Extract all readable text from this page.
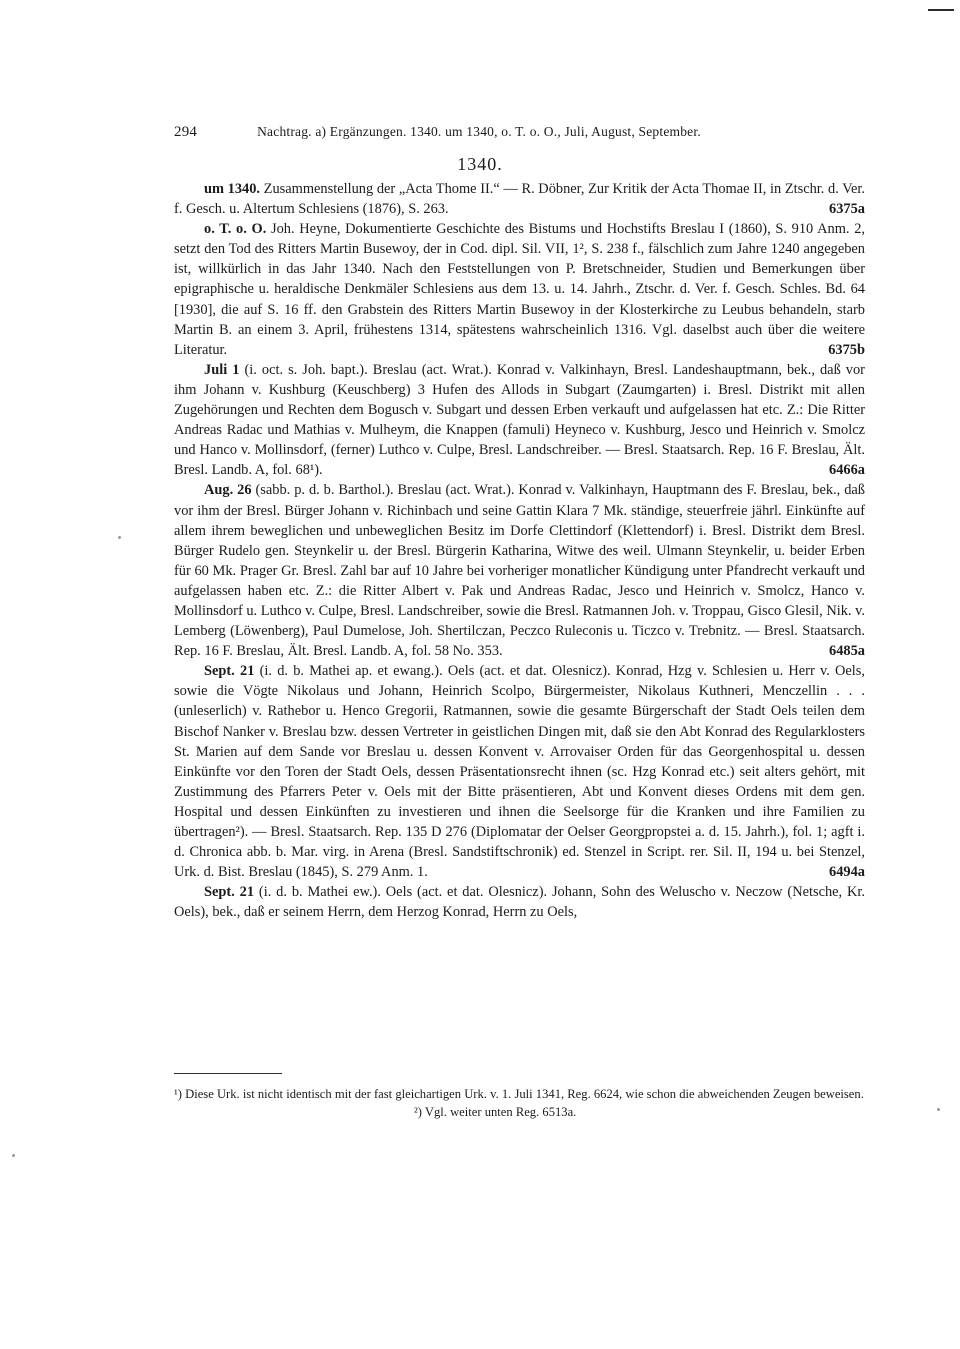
294	Nachtrag. a) Ergänzungen. 1340. um 1340, o. T. o. O., Juli, August, September.
1340.

um 1340. Zusammenstellung der „Acta Thome II.“ — R. Döbner, Zur Kritik der Acta Thomae II, in Ztschr. d. Ver. f. Gesch. u. Altertum Schlesiens (1876), S. 263.	6375a

o. T. o. O. Joh. Heyne, Dokumentierte Geschichte des Bistums und Hochstifts Breslau I (1860), S. 910 Anm. 2, setzt den Tod des Ritters Martin Busewoy, der in Cod. dipl. Sil. VII, 1², S. 238 f., fälschlich zum Jahre 1240 angegeben ist, willkürlich in das Jahr 1340. Nach den Feststellungen von P. Bretschneider, Studien und Bemerkungen über epigraphische u. heraldische Denkmäler Schlesiens aus dem 13. u. 14. Jahrh., Ztschr. d. Ver. f. Gesch. Schles. Bd. 64 [1930], die auf S. 16 ff. den Grabstein des Ritters Martin Busewoy in der Klosterkirche zu Leubus behandeln, starb Martin B. an einem 3. April, frühestens 1314, spätestens wahrscheinlich 1316. Vgl. daselbst auch über die weitere Literatur.	6375b

Juli 1 (i. oct. s. Joh. bapt.). Breslau (act. Wrat.). Konrad v. Valkinhayn, Bresl. Landeshauptmann, bek., daß vor ihm Johann v. Kushburg (Keuschberg) 3 Hufen des Allods in Subgart (Zaumgarten) i. Bresl. Distrikt mit allen Zugehörungen und Rechten dem Bogusch v. Subgart und dessen Erben verkauft und aufgelassen hat etc. Z.: Die Ritter Andreas Radac und Mathias v. Mulheym, die Knappen (famuli) Heyneco v. Kushburg, Jesco und Heinrich v. Smolcz und Hanco v. Mollinsdorf, (ferner) Luthco v. Culpe, Bresl. Landschreiber. — Bresl. Staatsarch. Rep. 16 F. Breslau, Ält. Bresl. Landb. A, fol. 68¹).	6466a

Aug. 26 (sabb. p. d. b. Barthol.). Breslau (act. Wrat.). Konrad v. Valkinhayn, Hauptmann des F. Breslau, bek., daß vor ihm der Bresl. Bürger Johann v. Richinbach und seine Gattin Klara 7 Mk. ständige, steuerfreie jährl. Einkünfte auf allem ihrem beweglichen und unbeweglichen Besitz im Dorfe Clettindorf (Klettendorf) i. Bresl. Distrikt dem Bresl. Bürger Rudelo gen. Steynkelir u. der Bresl. Bürgerin Katharina, Witwe des weil. Ulmann Steynkelir, u. beider Erben für 60 Mk. Prager Gr. Bresl. Zahl bar auf 10 Jahre bei vorheriger monatlicher Kündigung unter Pfandrecht verkauft und aufgelassen haben etc. Z.: die Ritter Albert v. Pak und Andreas Radac, Jesco und Heinrich v. Smolcz, Hanco v. Mollinsdorf u. Luthco v. Culpe, Bresl. Landschreiber, sowie die Bresl. Ratmannen Joh. v. Troppau, Gisco Glesil, Nik. v. Lemberg (Löwenberg), Paul Dumelose, Joh. Shertilczan, Peczco Ruleconis u. Ticzco v. Trebnitz. — Bresl. Staatsarch. Rep. 16 F. Breslau, Ält. Bresl. Landb. A, fol. 58 No. 353.	6485a

Sept. 21 (i. d. b. Mathei ap. et ewang.). Oels (act. et dat. Olesnicz). Konrad, Hzg v. Schlesien u. Herr v. Oels, sowie die Vögte Nikolaus und Johann, Heinrich Scolpo, Bürgermeister, Nikolaus Kuthneri, Menczellin . . . (unleserlich) v. Rathebor u. Henco Gregorii, Ratmannen, sowie die gesamte Bürgerschaft der Stadt Oels teilen dem Bischof Nanker v. Breslau bzw. dessen Vertreter in geistlichen Dingen mit, daß sie den Abt Konrad des Regularklosters St. Marien auf dem Sande vor Breslau u. dessen Konvent v. Arrovaiser Orden für das Georgenhospital u. dessen Einkünfte vor den Toren der Stadt Oels, dessen Präsentationsrecht ihnen (sc. Hzg Konrad etc.) seit alters gehört, mit Zustimmung des Pfarrers Peter v. Oels mit der Bitte präsentieren, Abt und Konvent dieses Ordens mit dem gen. Hospital und dessen Einkünften zu investieren und ihnen die Seelsorge für die Kranken und ihre Familien zu übertragen²). — Bresl. Staatsarch. Rep. 135 D 276 (Diplomatar der Oelser Georgpropstei a. d. 15. Jahrh.), fol. 1; agft i. d. Chronica abb. b. Mar. virg. in Arena (Bresl. Sandstiftschronik) ed. Stenzel in Script. rer. Sil. II, 194 u. bei Stenzel, Urk. d. Bist. Breslau (1845), S. 279 Anm. 1.	6494a

Sept. 21 (i. d. b. Mathei ew.). Oels (act. et dat. Olesnicz). Johann, Sohn des Weluscho v. Neczow (Netsche, Kr. Oels), bek., daß er seinem Herrn, dem Herzog Konrad, Herrn zu Oels,

¹) Diese Urk. ist nicht identisch mit der fast gleichartigen Urk. v. 1. Juli 1341, Reg. 6624, wie schon die abweichenden Zeugen beweisen.

²) Vgl. weiter unten Reg. 6513a.
